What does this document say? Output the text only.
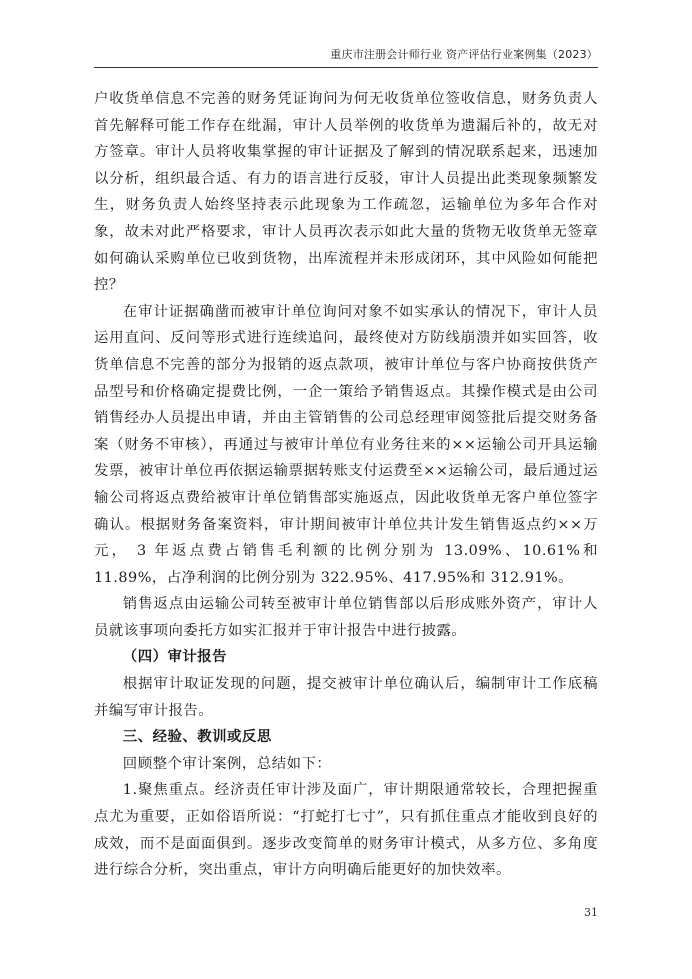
重庆市注册会计师行业 资产评估行业案例集（2023）

户收货单信息不完善的财务凭证询问为何无收货单位签收信息，财务负责人首先解释可能工作存在纰漏，审计人员举例的收货单为遗漏后补的，故无对方签章。审计人员将收集掌握的审计证据及了解到的情况联系起来，迅速加以分析，组织最合适、有力的语言进行反驳，审计人员提出此类现象频繁发生，财务负责人始终坚持表示此现象为工作疏忽，运输单位为多年合作对象，故未对此严格要求，审计人员再次表示如此大量的货物无收货单无签章如何确认采购单位已收到货物，出库流程并未形成闭环，其中风险如何能把控？

在审计证据确凿而被审计单位询问对象不如实承认的情况下，审计人员运用直问、反问等形式进行连续追问，最终使对方防线崩溃并如实回答，收货单信息不完善的部分为报销的返点款项，被审计单位与客户协商按供货产品型号和价格确定提费比例，一企一策给予销售返点。其操作模式是由公司销售经办人员提出申请，并由主管销售的公司总经理审阅签批后提交财务备案（财务不审核），再通过与被审计单位有业务往来的××运输公司开具运输发票，被审计单位再依据运输票据转账支付运费至××运输公司，最后通过运输公司将返点费给被审计单位销售部实施返点，因此收货单无客户单位签字确认。根据财务备案资料，审计期间被审计单位共计发生销售返点约××万元， 3 年返点费占销售毛利额的比例分别为 13.09%、10.61%和 11.89%，占净利润的比例分别为 322.95%、417.95%和 312.91%。

销售返点由运输公司转至被审计单位销售部以后形成账外资产，审计人员就该事项向委托方如实汇报并于审计报告中进行披露。

（四）审计报告

根据审计取证发现的问题，提交被审计单位确认后，编制审计工作底稿并编写审计报告。

三、经验、教训或反思

回顾整个审计案例，总结如下：

1.聚焦重点。经济责任审计涉及面广，审计期限通常较长，合理把握重点尤为重要，正如俗语所说：“打蛇打七寸”，只有抓住重点才能收到良好的成效，而不是面面俱到。逐步改变简单的财务审计模式，从多方位、多角度进行综合分析，突出重点，审计方向明确后能更好的加快效率。

31
